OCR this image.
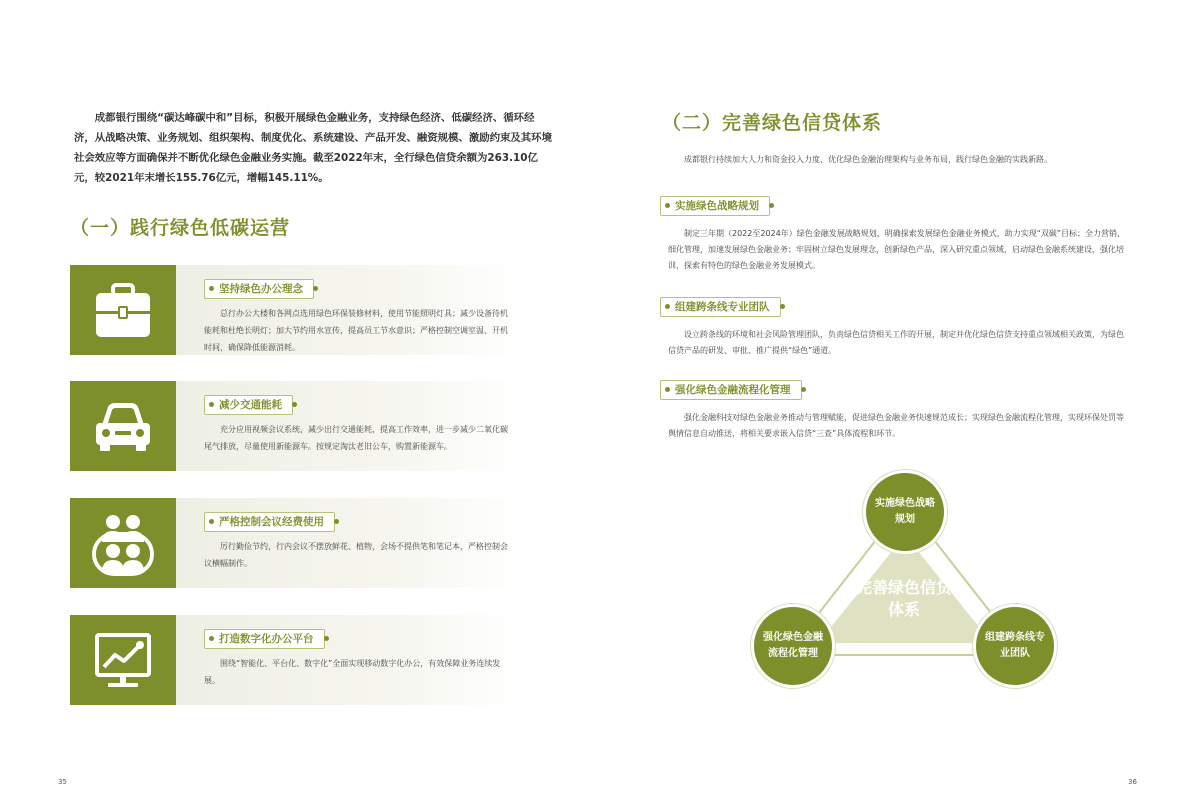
成都银行围绕“碳达峰碳中和”目标，积极开展绿色金融业务，支持绿色经济、低碳经济、循环经济，从战略决策、业务规划、组织架构、制度优化、系统建设、产品开发、融资规模、激励约束及其环境社会效应等方面确保并不断优化绿色金融业务实施。截至2022年末，全行绿色信贷余额为263.10亿元，较2021年末增长155.76亿元，增幅145.11%。

（一）践行绿色低碳运营
坚持绿色办公理念

总行办公大楼和各网点选用绿色环保装修材料，使用节能照明灯具；减少设备待机能耗和杜绝长明灯；加大节约用水宣传，提高员工节水意识；严格控制空调室温、开机时间，确保降低能源消耗。

减少交通能耗

充分应用视频会议系统，减少出行交通能耗，提高工作效率，进一步减少二氧化碳尾气排放，尽量使用新能源车。按规定淘汰老旧公车，购置新能源车。

严格控制会议经费使用

厉行勤俭节约，行内会议不摆放鲜花、植物，会场不提供笔和笔记本，严格控制会议横幅制作。

打造数字化办公平台

围绕“智能化、平台化、数字化”全面实现移动数字化办公，有效保障业务连续发展。

35
（二）完善绿色信贷体系

成都银行持续加大人力和资金投入力度，优化绿色金融治理架构与业务布局，践行绿色金融的实践新路。

实施绿色战略规划

制定三年期（2022至2024年）绿色金融发展战略规划，明确探索发展绿色金融业务模式，助力实现“双碳”目标；全力营销、细化管理，加速发展绿色金融业务；牢固树立绿色发展理念，创新绿色产品，深入研究重点领域，启动绿色金融系统建设，强化培训，探索有特色的绿色金融业务发展模式。

组建跨条线专业团队

设立跨条线的环境和社会风险管理团队，负责绿色信贷相关工作的开展，制定并优化绿色信贷支持重点领域相关政策，为绿色信贷产品的研发、审批、推广提供“绿色”通道。

强化绿色金融流程化管理

强化金融科技对绿色金融业务推动与管理赋能，促进绿色金融业务快速规范成长；实现绿色金融流程化管理，实现环保处罚等舆情信息自动推送，将相关要求嵌入信贷“三查”具体流程和环节。

完善绿色信贷体系
实施绿色战略规划
强化绿色金融流程化管理
组建跨条线专业团队
36
